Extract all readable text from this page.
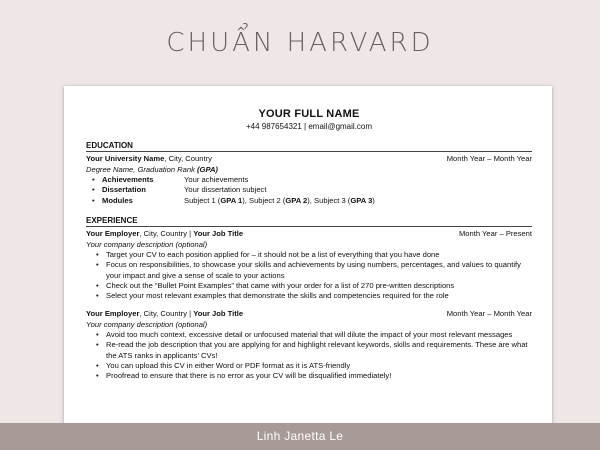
CHUẨN HARVARD
YOUR FULL NAME
+44 987654321 | email@gmail.com
EDUCATION
Your University Name, City, Country	Month Year – Month Year
Degree Name, Graduation Rank (GPA)
• Achievements	Your achievements
• Dissertation	Your dissertation subject
• Modules	Subject 1 (GPA 1), Subject 2 (GPA 2), Subject 3 (GPA 3)
EXPERIENCE
Your Employer, City, Country | Your Job Title	Month Year – Present
Your company description (optional)
• Target your CV to each position applied for – it should not be a list of everything that you have done
• Focus on responsibilities, to showcase your skills and achievements by using numbers, percentages, and values to quantify your impact and give a sense of scale to your actions
• Check out the “Bullet Point Examples” that came with your order for a list of 270 pre-written descriptions
• Select your most relevant examples that demonstrate the skills and competencies required for the role
Your Employer, City, Country | Your Job Title	Month Year – Month Year
Your company description (optional)
• Avoid too much context, excessive detail or unfocused material that will dilute the impact of your most relevant messages
• Re-read the job description that you are applying for and highlight relevant keywords, skills and requirements. These are what the ATS ranks in applicants’ CVs!
• You can upload this CV in either Word or PDF format as it is ATS-friendly
• Proofread to ensure that there is no error as your CV will be disqualified immediately!
Linh Janetta Le
